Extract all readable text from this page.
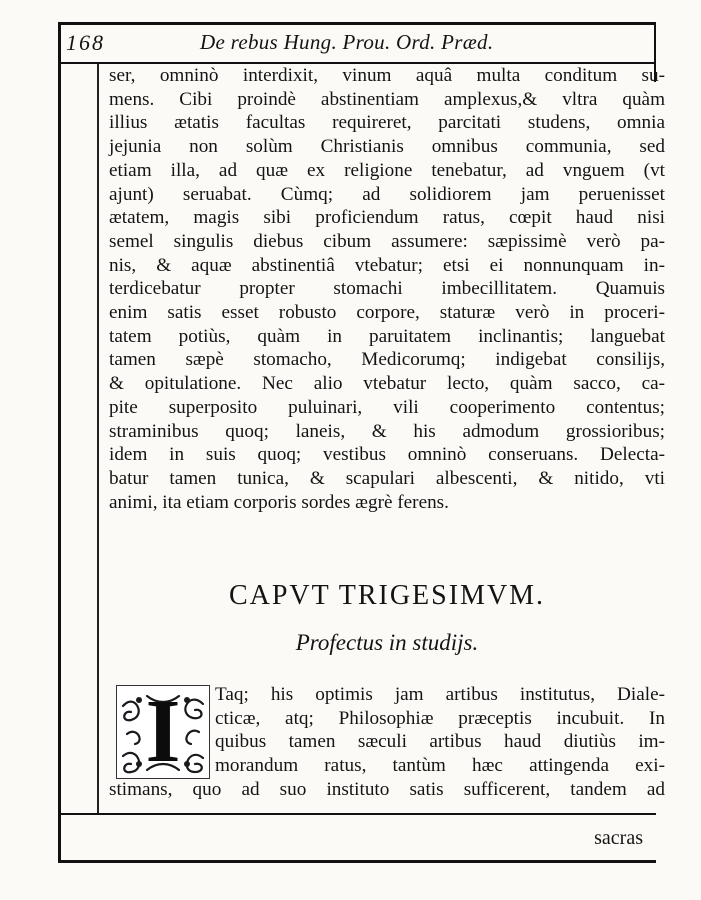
168	De rebus Hung. Prou. Ord. Præd.
ser, omninò interdixit, vinum aquâ multa conditum su-
mens. Cibi proindè abstinentiam amplexus,& vltra quàm
illius ætatis facultas requireret, parcitati studens, omnia
jejunia non solùm Christianis omnibus communia, sed
etiam illa, ad quæ ex religione tenebatur, ad vnguem (vt
ajunt) seruabat. Cùmq; ad solidiorem jam peruenisset
ætatem, magis sibi proficiendum ratus, cœpit haud nisi
semel singulis diebus cibum assumere: sæpissimè verò pa-
nis, & aquæ abstinentiâ vtebatur; etsi ei nonnunquam in-
terdicebatur propter stomachi imbecillitatem. Quamuis
enim satis esset robusto corpore, staturæ verò in proceri-
tatem potiùs, quàm in paruitatem inclinantis; languebat
tamen sæpè stomacho, Medicorumq; indigebat consilijs,
& opitulatione. Nec alio vtebatur lecto, quàm sacco, ca-
pite superposito puluinari, vili cooperimento contentus;
straminibus quoq; laneis, & his admodum grossioribus;
idem in suis quoq; vestibus omninò conseruans. Delecta-
batur tamen tunica, & scapulari albescenti, & nitido, vti
animi, ita etiam corporis sordes ægrè ferens.
CAPVT TRIGESIMVM.
Profectus in studijs.
I	Taq; his optimis jam artibus institutus, Diale-
cticæ, atq; Philosophiæ præceptis incubuit. In
quibus tamen sæculi artibus haud diutiùs im-
morandum ratus, tantùm hæc attingenda exi-
stimans, quo ad suo instituto satis sufficerent, tandem ad
sacras
